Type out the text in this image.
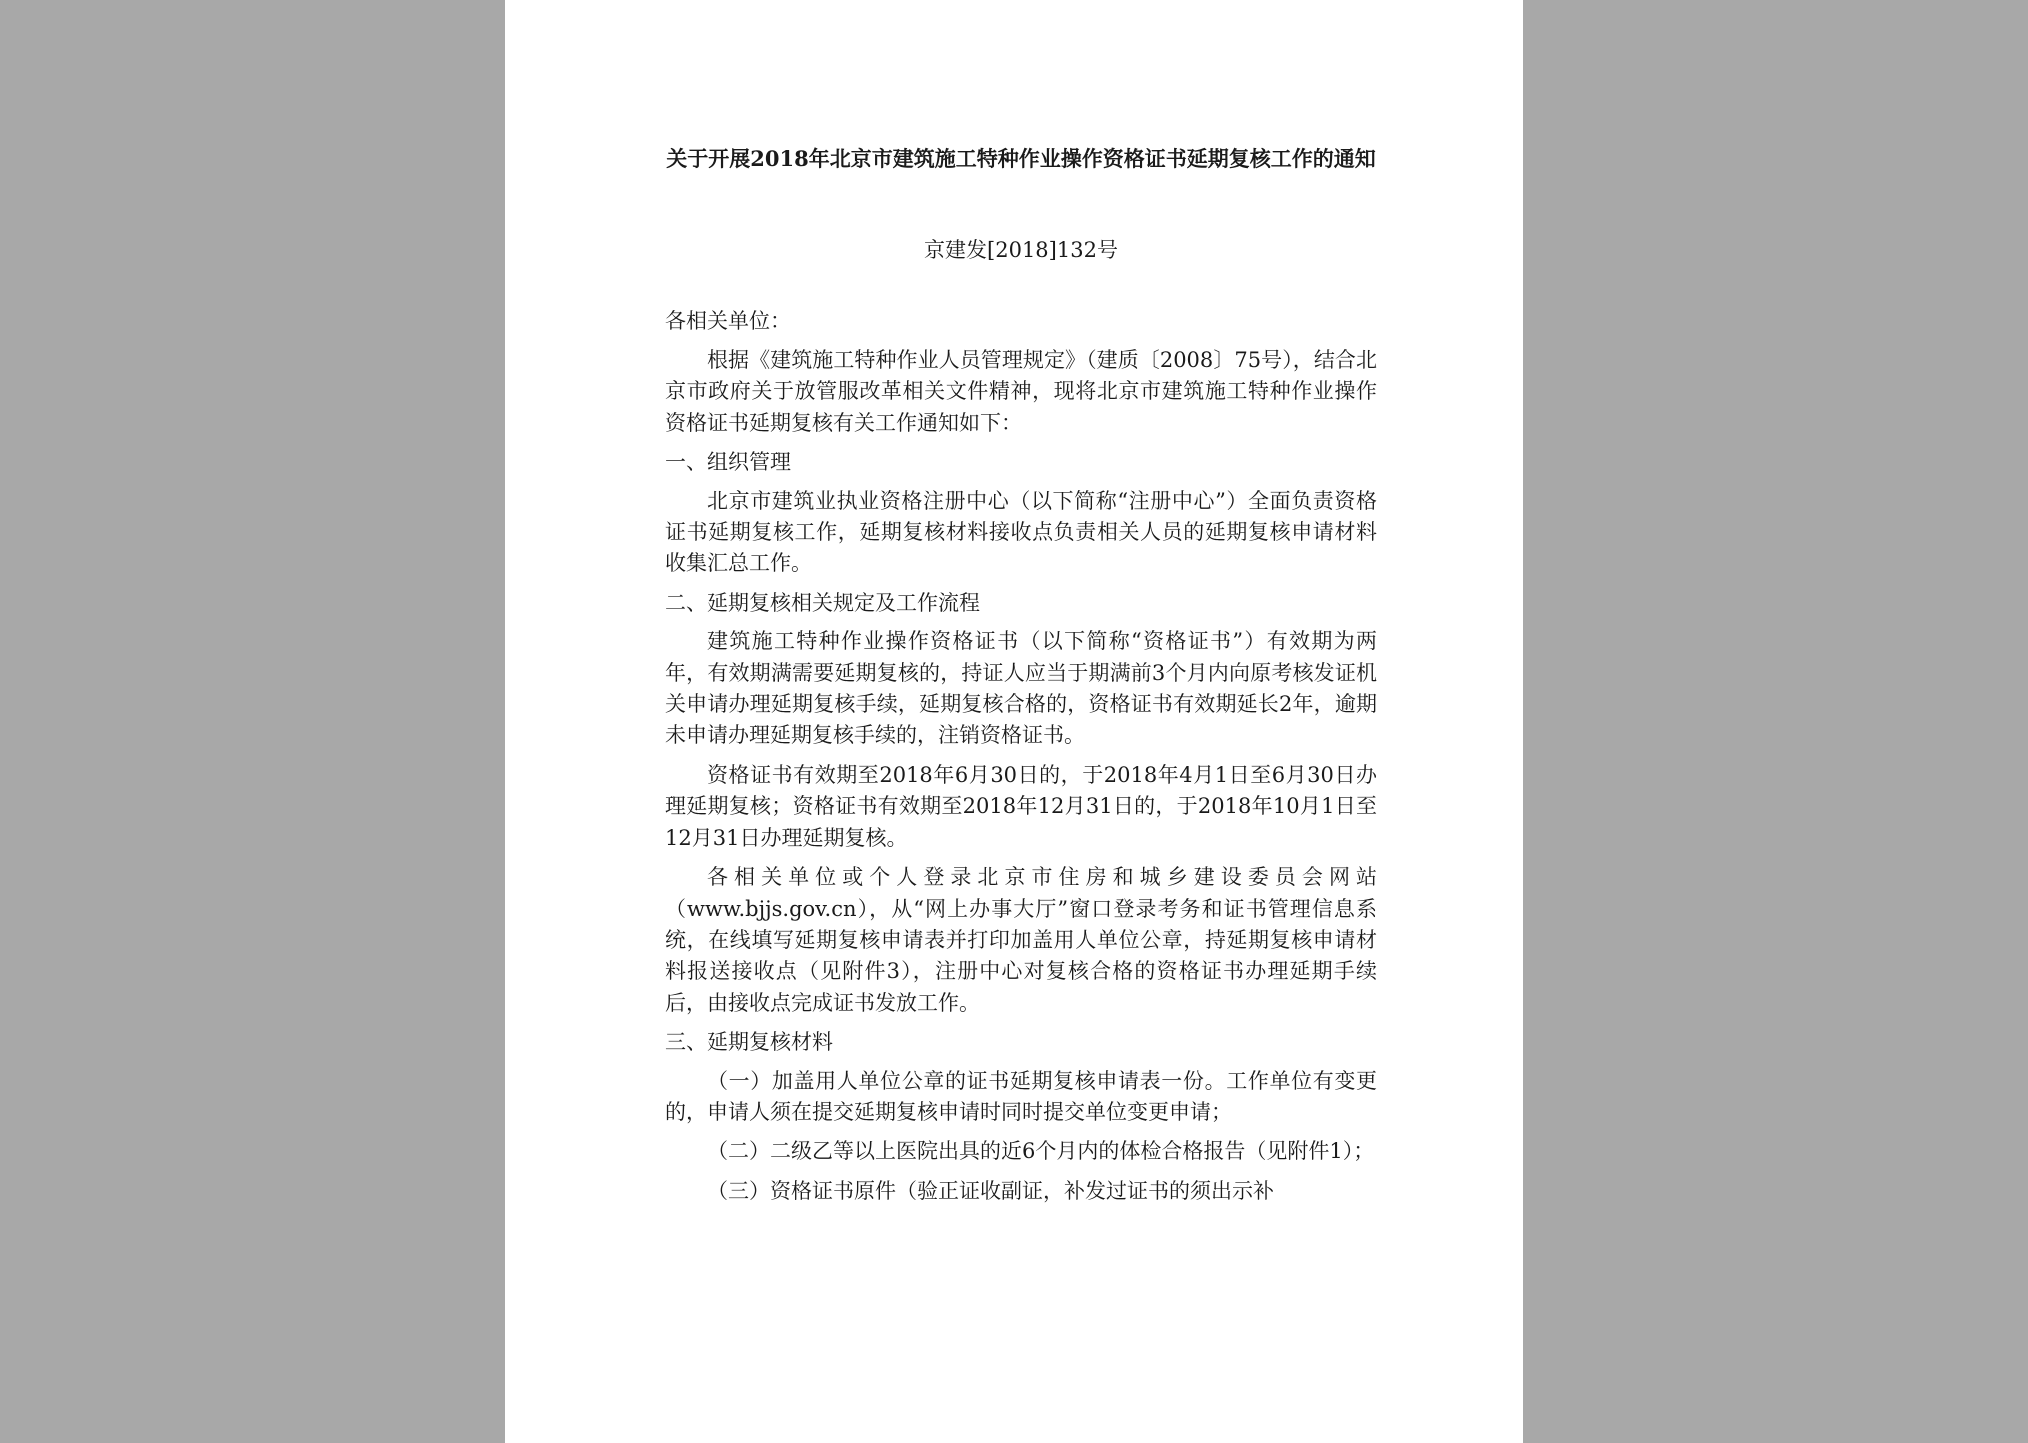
关于开展2018年北京市建筑施工特种作业操作资格证书延期复核工作的通知

京建发[2018]132号

各相关单位：

根据《建筑施工特种作业人员管理规定》（建质〔2008〕75号），结合北京市政府关于放管服改革相关文件精神，现将北京市建筑施工特种作业操作资格证书延期复核有关工作通知如下：

一、组织管理

北京市建筑业执业资格注册中心（以下简称“注册中心”）全面负责资格证书延期复核工作，延期复核材料接收点负责相关人员的延期复核申请材料收集汇总工作。

二、延期复核相关规定及工作流程

建筑施工特种作业操作资格证书（以下简称“资格证书”）有效期为两年，有效期满需要延期复核的，持证人应当于期满前3个月内向原考核发证机关申请办理延期复核手续，延期复核合格的，资格证书有效期延长2年，逾期未申请办理延期复核手续的，注销资格证书。

资格证书有效期至2018年6月30日的，于2018年4月1日至6月30日办理延期复核；资格证书有效期至2018年12月31日的，于2018年10月1日至12月31日办理延期复核。

各相关单位或个人登录北京市住房和城乡建设委员会网站（www.bjjs.gov.cn），从“网上办事大厅”窗口登录考务和证书管理信息系统，在线填写延期复核申请表并打印加盖用人单位公章，持延期复核申请材料报送接收点（见附件3），注册中心对复核合格的资格证书办理延期手续后，由接收点完成证书发放工作。

三、延期复核材料

（一）加盖用人单位公章的证书延期复核申请表一份。工作单位有变更的，申请人须在提交延期复核申请时同时提交单位变更申请；

（二）二级乙等以上医院出具的近6个月内的体检合格报告（见附件1）；

（三）资格证书原件（验正证收副证，补发过证书的须出示补
